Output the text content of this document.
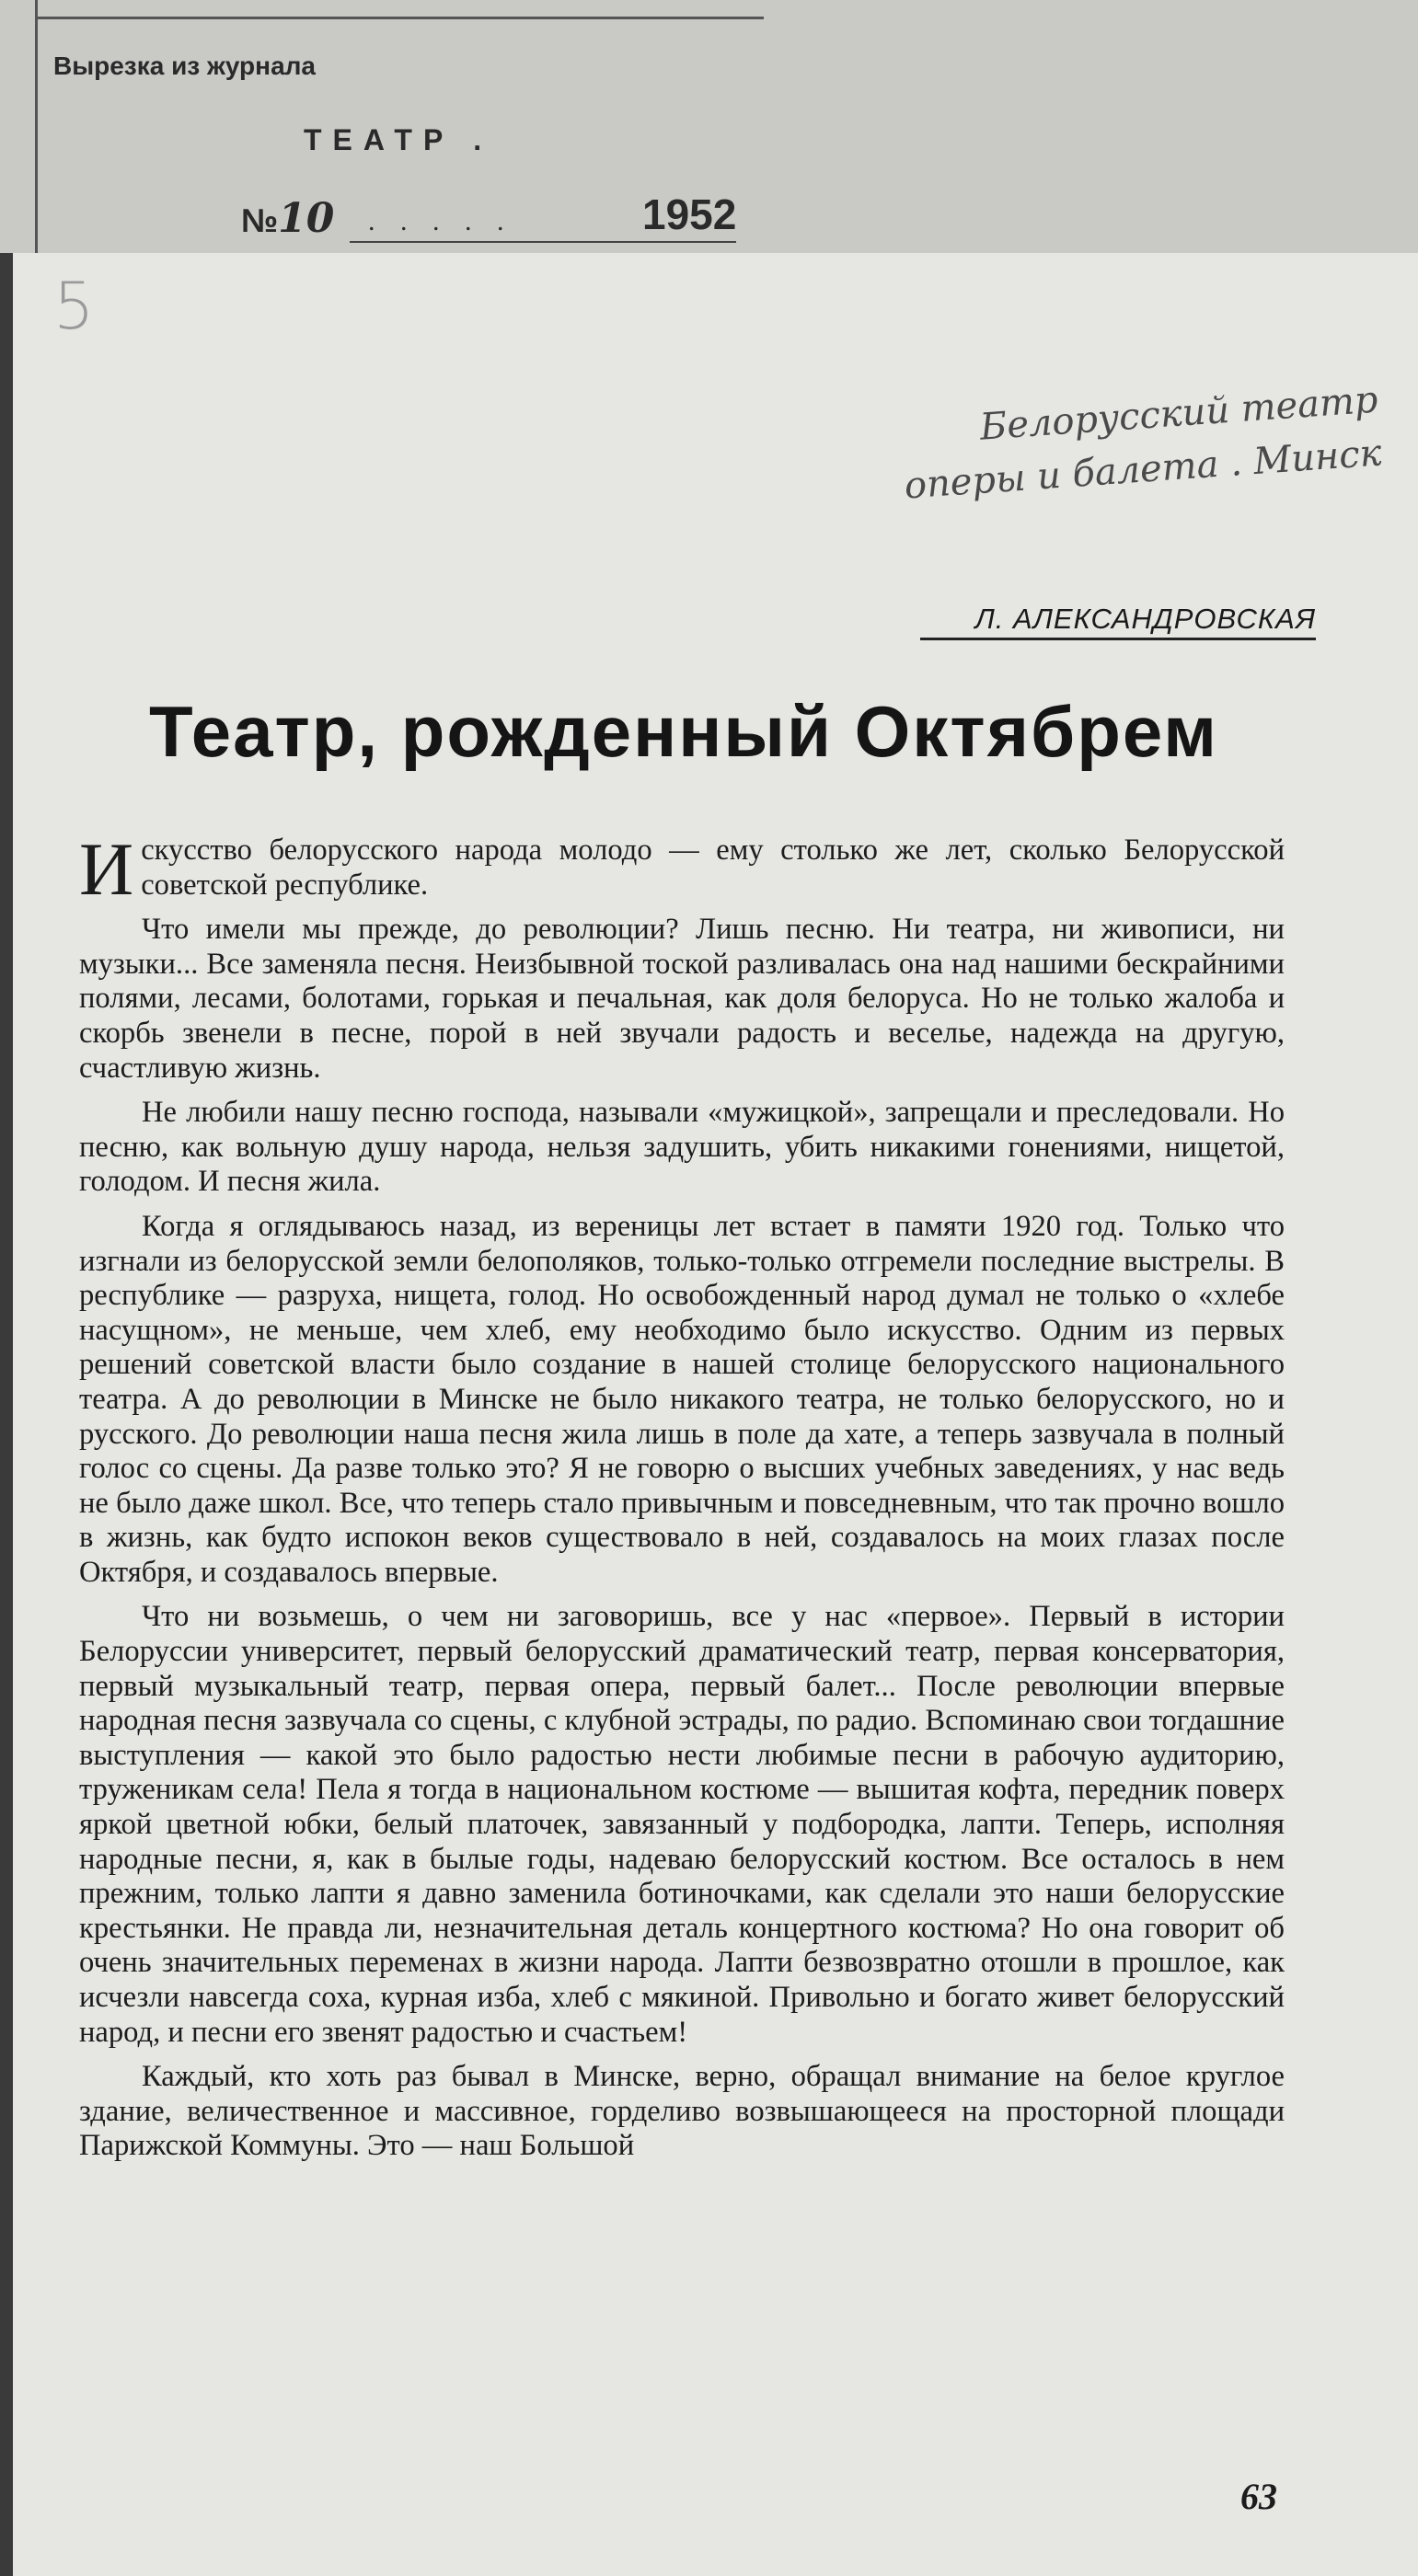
Вырезка из журнала
ТЕАТР .
№10 . . . . .	1952
5
Белорусский театр
оперы и балета . Минск
Л. АЛЕКСАНДРОВСКАЯ
Театр, рожденный Октябрем

Искусство белорусского народа молодо — ему столько же лет, сколько Белорусской советской республике.

Что имели мы прежде, до революции? Лишь песню. Ни театра, ни живописи, ни музыки... Все заменяла песня. Неизбывной тоской разливалась она над нашими бескрайними полями, лесами, болотами, горькая и печальная, как доля белоруса. Но не только жалоба и скорбь звенели в песне, порой в ней звучали радость и веселье, надежда на другую, счастливую жизнь.

Не любили нашу песню господа, называли «мужицкой», запрещали и преследовали. Но песню, как вольную душу народа, нельзя задушить, убить никакими гонениями, нищетой, голодом. И песня жила.

Когда я оглядываюсь назад, из вереницы лет встает в памяти 1920 год. Только что изгнали из белорусской земли белополяков, только-только отгремели последние выстрелы. В республике — разруха, нищета, голод. Но освобожденный народ думал не только о «хлебе насущном», не меньше, чем хлеб, ему необходимо было искусство. Одним из первых решений советской власти было создание в нашей столице белорусского национального театра. А до революции в Минске не было никакого театра, не только белорусского, но и русского. До революции наша песня жила лишь в поле да хате, а теперь зазвучала в полный голос со сцены. Да разве только это? Я не говорю о высших учебных заведениях, у нас ведь не было даже школ. Все, что теперь стало привычным и повседневным, что так прочно вошло в жизнь, как будто испокон веков существовало в ней, создавалось на моих глазах после Октября, и создавалось впервые.

Что ни возьмешь, о чем ни заговоришь, все у нас «первое». Первый в истории Белоруссии университет, первый белорусский драматический театр, первая консерватория, первый музыкальный театр, первая опера, первый балет... После революции впервые народная песня зазвучала со сцены, с клубной эстрады, по радио. Вспоминаю свои тогдашние выступления — какой это было радостью нести любимые песни в рабочую аудиторию, труженикам села! Пела я тогда в национальном костюме — вышитая кофта, передник поверх яркой цветной юбки, белый платочек, завязанный у подбородка, лапти. Теперь, исполняя народные песни, я, как в былые годы, надеваю белорусский костюм. Все осталось в нем прежним, только лапти я давно заменила ботиночками, как сделали это наши белорусские крестьянки. Не правда ли, незначительная деталь концертного костюма? Но она говорит об очень значительных переменах в жизни народа. Лапти безвозвратно отошли в прошлое, как исчезли навсегда соха, курная изба, хлеб с мякиной. Привольно и богато живет белорусский народ, и песни его звенят радостью и счастьем!

Каждый, кто хоть раз бывал в Минске, верно, обращал внимание на белое круглое здание, величественное и массивное, горделиво возвышающееся на просторной площади Парижской Коммуны. Это — наш Большой

63
